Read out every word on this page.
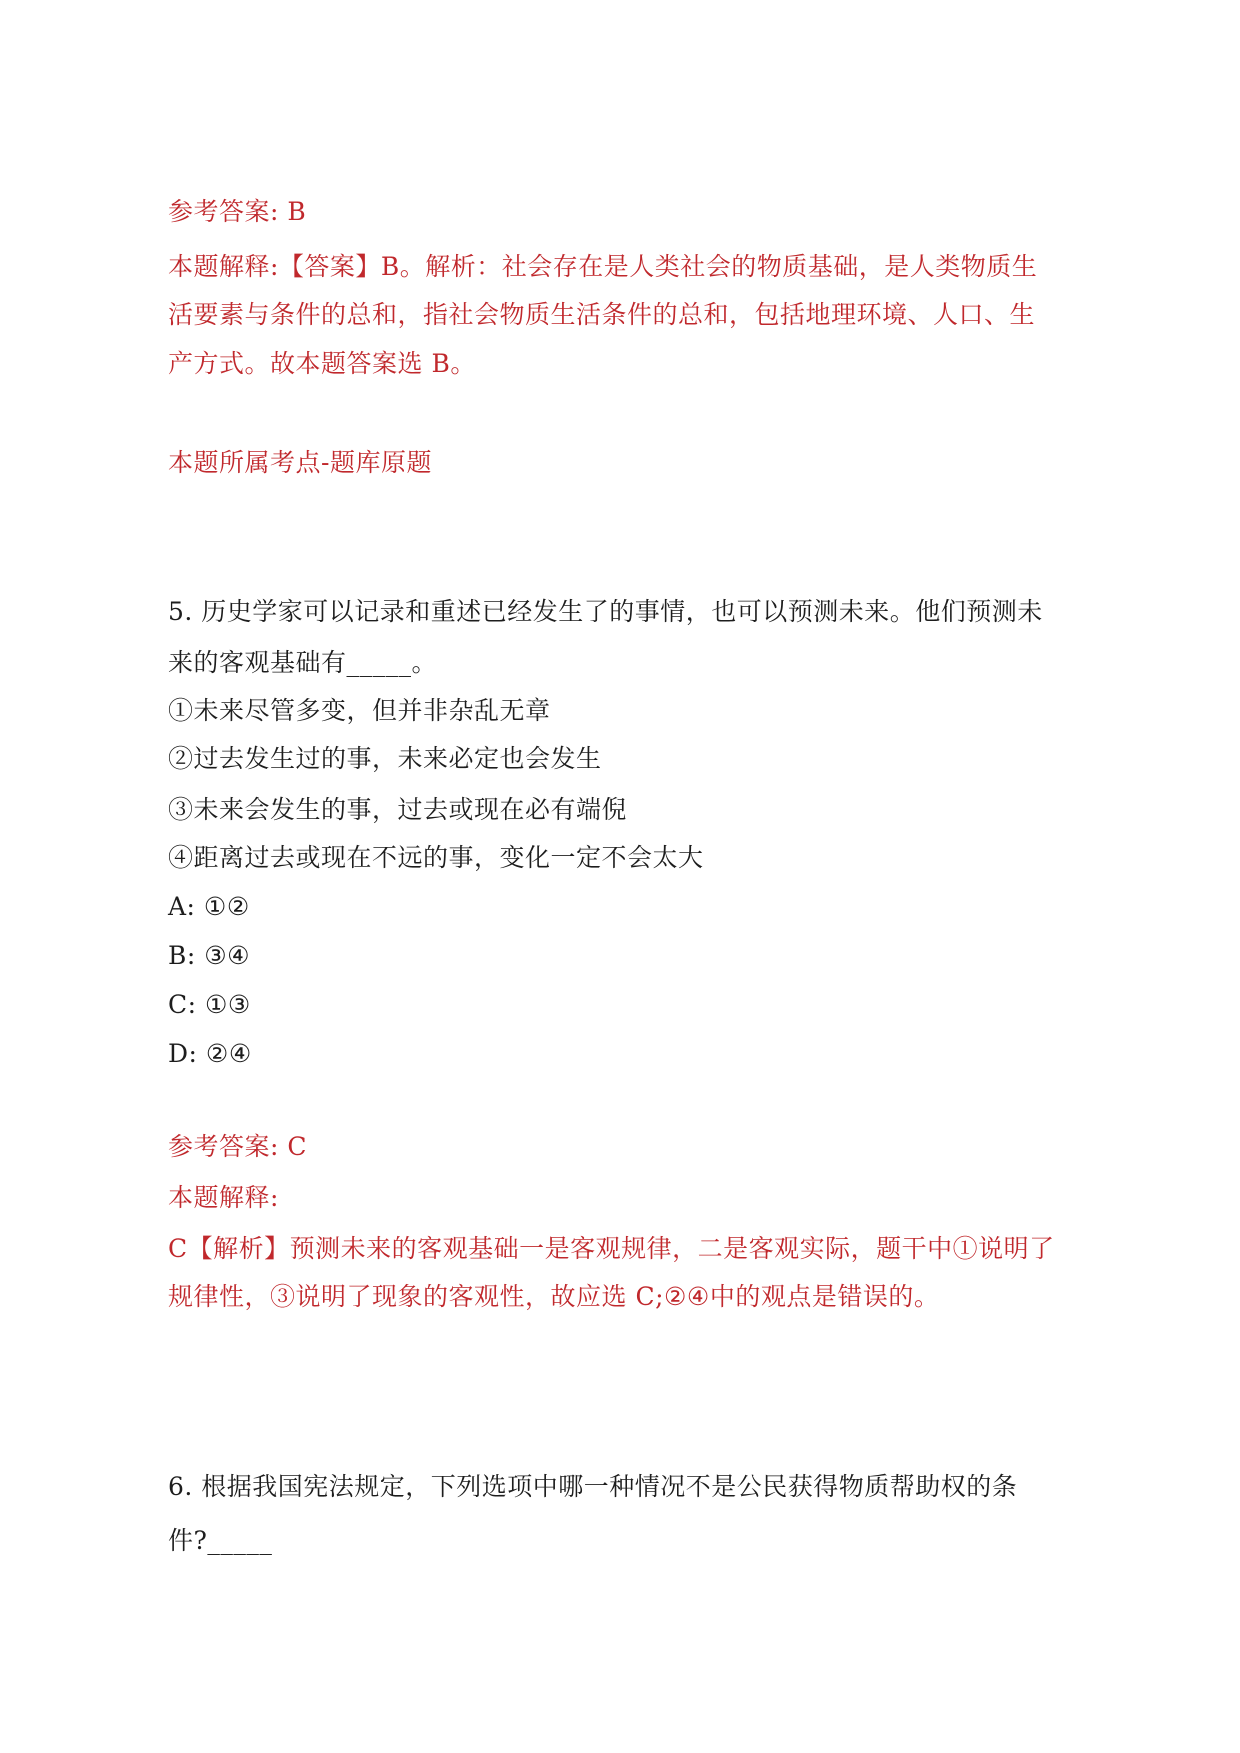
参考答案: B
本题解释:【答案】B。解析：社会存在是人类社会的物质基础，是人类物质生
活要素与条件的总和，指社会物质生活条件的总和，包括地理环境、人口、生
产方式。故本题答案选 B。
本题所属考点-题库原题
5. 历史学家可以记录和重述已经发生了的事情，也可以预测未来。他们预测未
来的客观基础有_____。
①未来尽管多变，但并非杂乱无章
②过去发生过的事，未来必定也会发生
③未来会发生的事，过去或现在必有端倪
④距离过去或现在不远的事，变化一定不会太大
A: ①②
B: ③④
C: ①③
D: ②④
参考答案: C
本题解释:
C【解析】预测未来的客观基础一是客观规律，二是客观实际，题干中①说明了
规律性，③说明了现象的客观性，故应选 C;②④中的观点是错误的。
6. 根据我国宪法规定，下列选项中哪一种情况不是公民获得物质帮助权的条
件?_____
